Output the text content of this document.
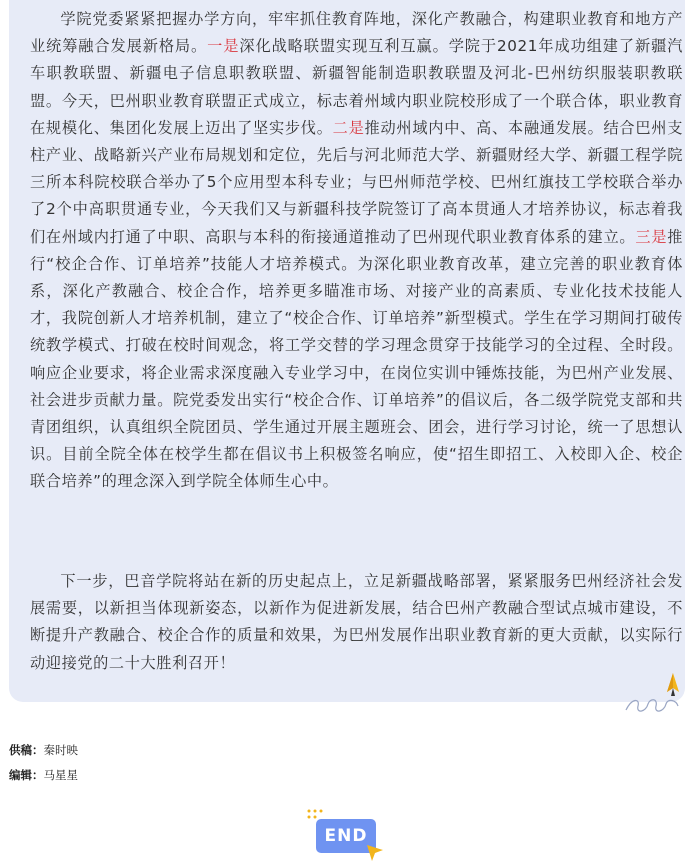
学院党委紧紧把握办学方向，牢牢抓住教育阵地，深化产教融合，构建职业教育和地方产业统筹融合发展新格局。一是深化战略联盟实现互利互赢。学院于2021年成功组建了新疆汽车职教联盟、新疆电子信息职教联盟、新疆智能制造职教联盟及河北-巴州纺织服装职教联盟。今天，巴州职业教育联盟正式成立，标志着州域内职业院校形成了一个联合体，职业教育在规模化、集团化发展上迈出了坚实步伐。二是推动州域内中、高、本融通发展。结合巴州支柱产业、战略新兴产业布局规划和定位，先后与河北师范大学、新疆财经大学、新疆工程学院三所本科院校联合举办了5个应用型本科专业；与巴州师范学校、巴州红旗技工学校联合举办了2个中高职贯通专业，今天我们又与新疆科技学院签订了高本贯通人才培养协议，标志着我们在州域内打通了中职、高职与本科的衔接通道推动了巴州现代职业教育体系的建立。三是推行“校企合作、订单培养”技能人才培养模式。为深化职业教育改革，建立完善的职业教育体系，深化产教融合、校企合作，培养更多瞄准市场、对接产业的高素质、专业化技术技能人才，我院创新人才培养机制，建立了“校企合作、订单培养”新型模式。学生在学习期间打破传统教学模式、打破在校时间观念，将工学交替的学习理念贯穿于技能学习的全过程、全时段。响应企业要求，将企业需求深度融入专业学习中，在岗位实训中锤炼技能，为巴州产业发展、社会进步贡献力量。院党委发出实行“校企合作、订单培养”的倡议后，各二级学院党支部和共青团组织，认真组织全院团员、学生通过开展主题班会、团会，进行学习讨论，统一了思想认识。目前全院全体在校学生都在倡议书上积极签名响应，使“招生即招工、入校即入企、校企联合培养”的理念深入到学院全体师生心中。

下一步，巴音学院将站在新的历史起点上，立足新疆战略部署，紧紧服务巴州经济社会发展需要，以新担当体现新姿态，以新作为促进新发展，结合巴州产教融合型试点城市建设，不断提升产教融合、校企合作的质量和效果，为巴州发展作出职业教育新的更大贡献，以实际行动迎接党的二十大胜利召开！

供稿：秦时映
编辑：马星星
END
